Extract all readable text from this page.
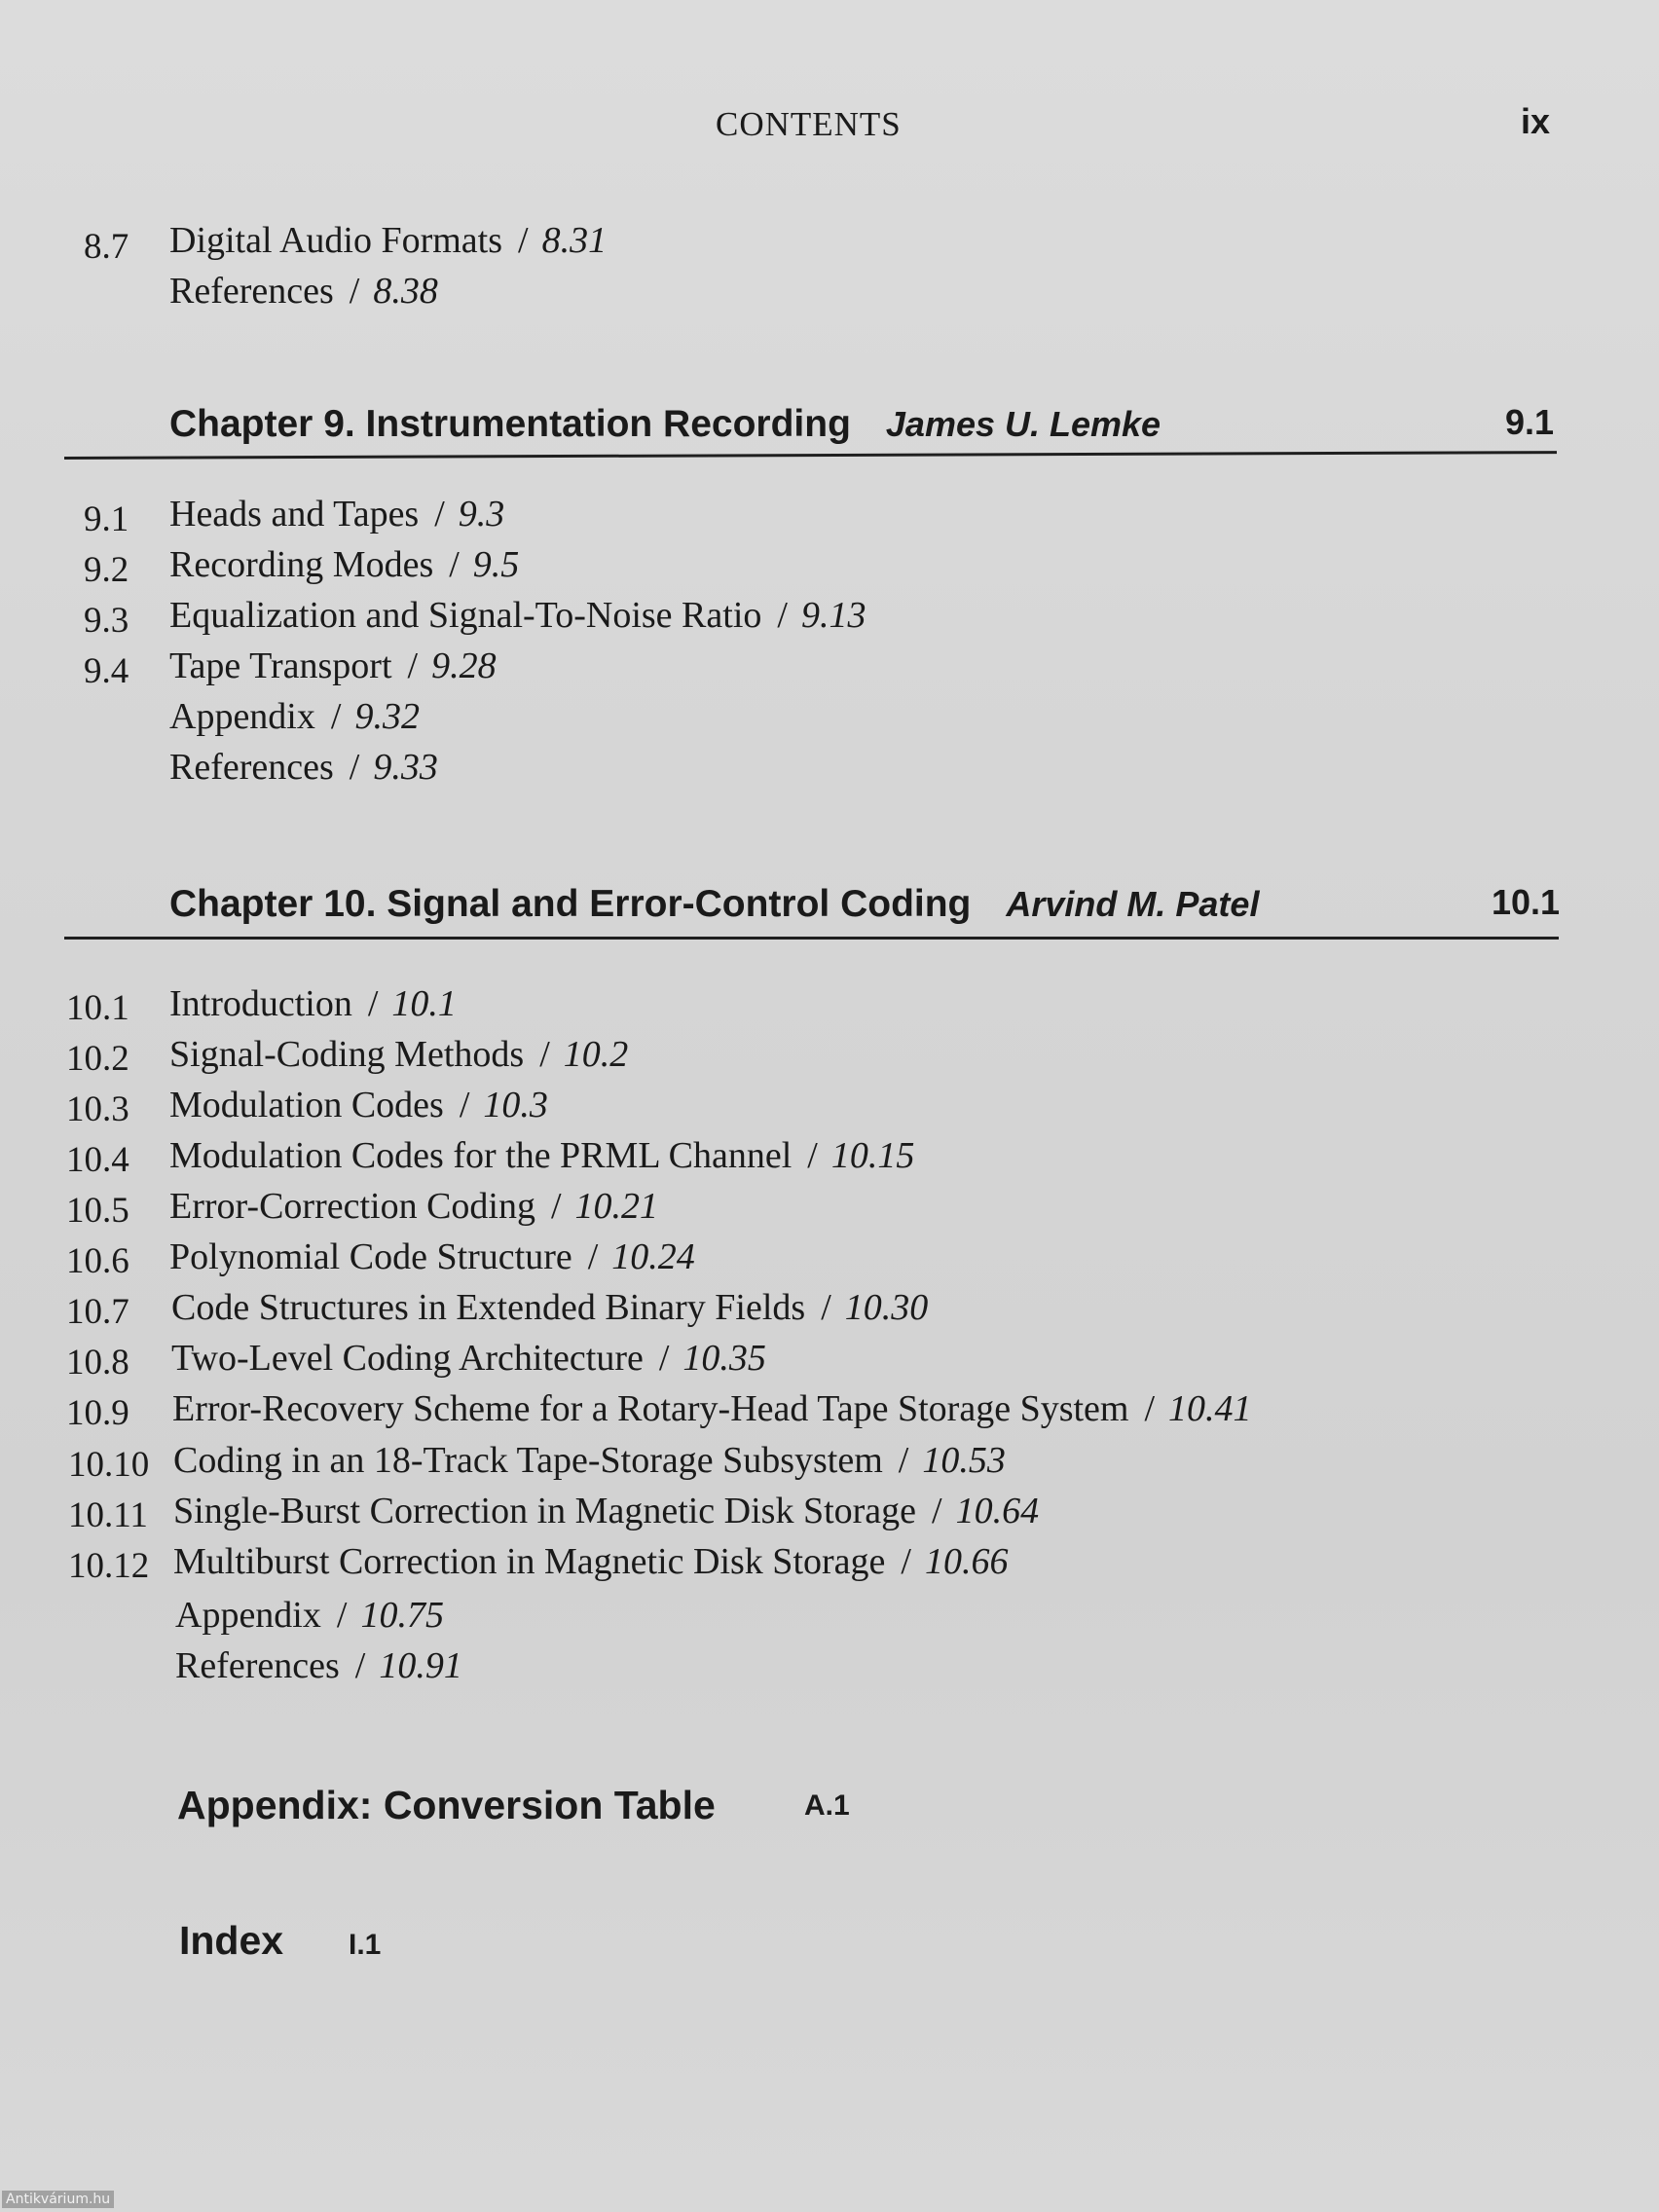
CONTENTS	ix
8.7 Digital Audio Formats / 8.31
References / 8.38
Chapter 9. Instrumentation Recording James U. Lemke	9.1
9.1 Heads and Tapes / 9.3
9.2 Recording Modes / 9.5
9.3 Equalization and Signal-To-Noise Ratio / 9.13
9.4 Tape Transport / 9.28
Appendix / 9.32
References / 9.33
Chapter 10. Signal and Error-Control Coding Arvind M. Patel	10.1
10.1 Introduction / 10.1
10.2 Signal-Coding Methods / 10.2
10.3 Modulation Codes / 10.3
10.4 Modulation Codes for the PRML Channel / 10.15
10.5 Error-Correction Coding / 10.21
10.6 Polynomial Code Structure / 10.24
10.7 Code Structures in Extended Binary Fields / 10.30
10.8 Two-Level Coding Architecture / 10.35
10.9 Error-Recovery Scheme for a Rotary-Head Tape Storage System / 10.41
10.10 Coding in an 18-Track Tape-Storage Subsystem / 10.53
10.11 Single-Burst Correction in Magnetic Disk Storage / 10.64
10.12 Multiburst Correction in Magnetic Disk Storage / 10.66
Appendix / 10.75
References / 10.91
Appendix: Conversion Table	A.1
Index I.1
Antikvárium.hu
